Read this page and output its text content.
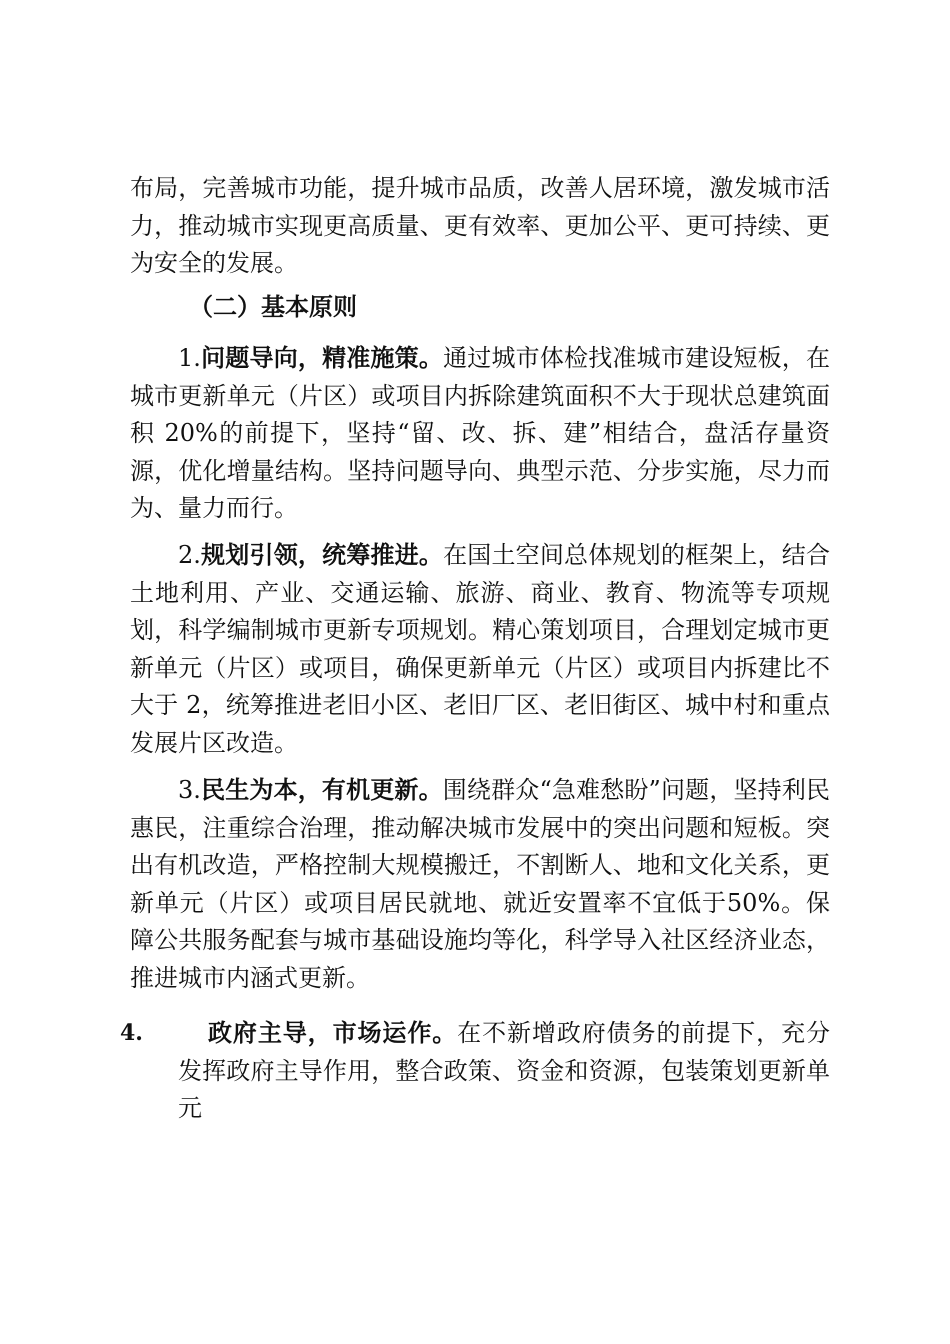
布局，完善城市功能，提升城市品质，改善人居环境，激发城市活力，推动城市实现更高质量、更有效率、更加公平、更可持续、更为安全的发展。

（二）基本原则

1.问题导向，精准施策。通过城市体检找准城市建设短板，在城市更新单元（片区）或项目内拆除建筑面积不大于现状总建筑面积 20%的前提下，坚持“留、改、拆、建”相结合，盘活存量资源，优化增量结构。坚持问题导向、典型示范、分步实施，尽力而为、量力而行。

2.规划引领，统筹推进。在国土空间总体规划的框架上，结合土地利用、产业、交通运输、旅游、商业、教育、物流等专项规划，科学编制城市更新专项规划。精心策划项目，合理划定城市更新单元（片区）或项目，确保更新单元（片区）或项目内拆建比不大于 2，统筹推进老旧小区、老旧厂区、老旧街区、城中村和重点发展片区改造。

3.民生为本，有机更新。围绕群众“急难愁盼”问题，坚持利民惠民，注重综合治理，推动解决城市发展中的突出问题和短板。突出有机改造，严格控制大规模搬迁，不割断人、地和文化关系，更新单元（片区）或项目居民就地、就近安置率不宜低于50%。保障公共服务配套与城市基础设施均等化，科学导入社区经济业态，推进城市内涵式更新。

4.	政府主导，市场运作。在不新增政府债务的前提下，充分发挥政府主导作用，整合政策、资金和资源，包装策划更新单元
